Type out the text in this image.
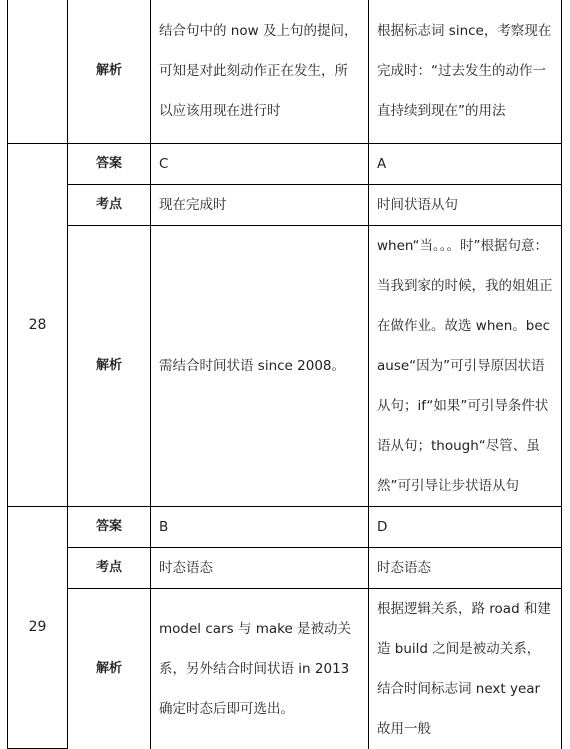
	解析	结合句中的 now 及上句的提问，可知是对此刻动作正在发生，所以应该用现在进行时	根据标志词 since，考察现在完成时：“过去发生的动作一直持续到现在”的用法
28	答案	C	A
	考点	现在完成时	时间状语从句
	解析	需结合时间状语 since 2008。	when“当。。。时”根据句意：当我到家的时候，我的姐姐正在做作业。故选 when。because“因为”可引导原因状语从句；if“如果”可引导条件状语从句；though“尽管、虽然”可引导让步状语从句
29	答案	B	D
	考点	时态语态	时态语态
	解析	model cars 与 make 是被动关系，另外结合时间状语 in 2013 确定时态后即可选出。	根据逻辑关系，路 road 和建造 build 之间是被动关系，结合时间标志词 next year 故用一般
